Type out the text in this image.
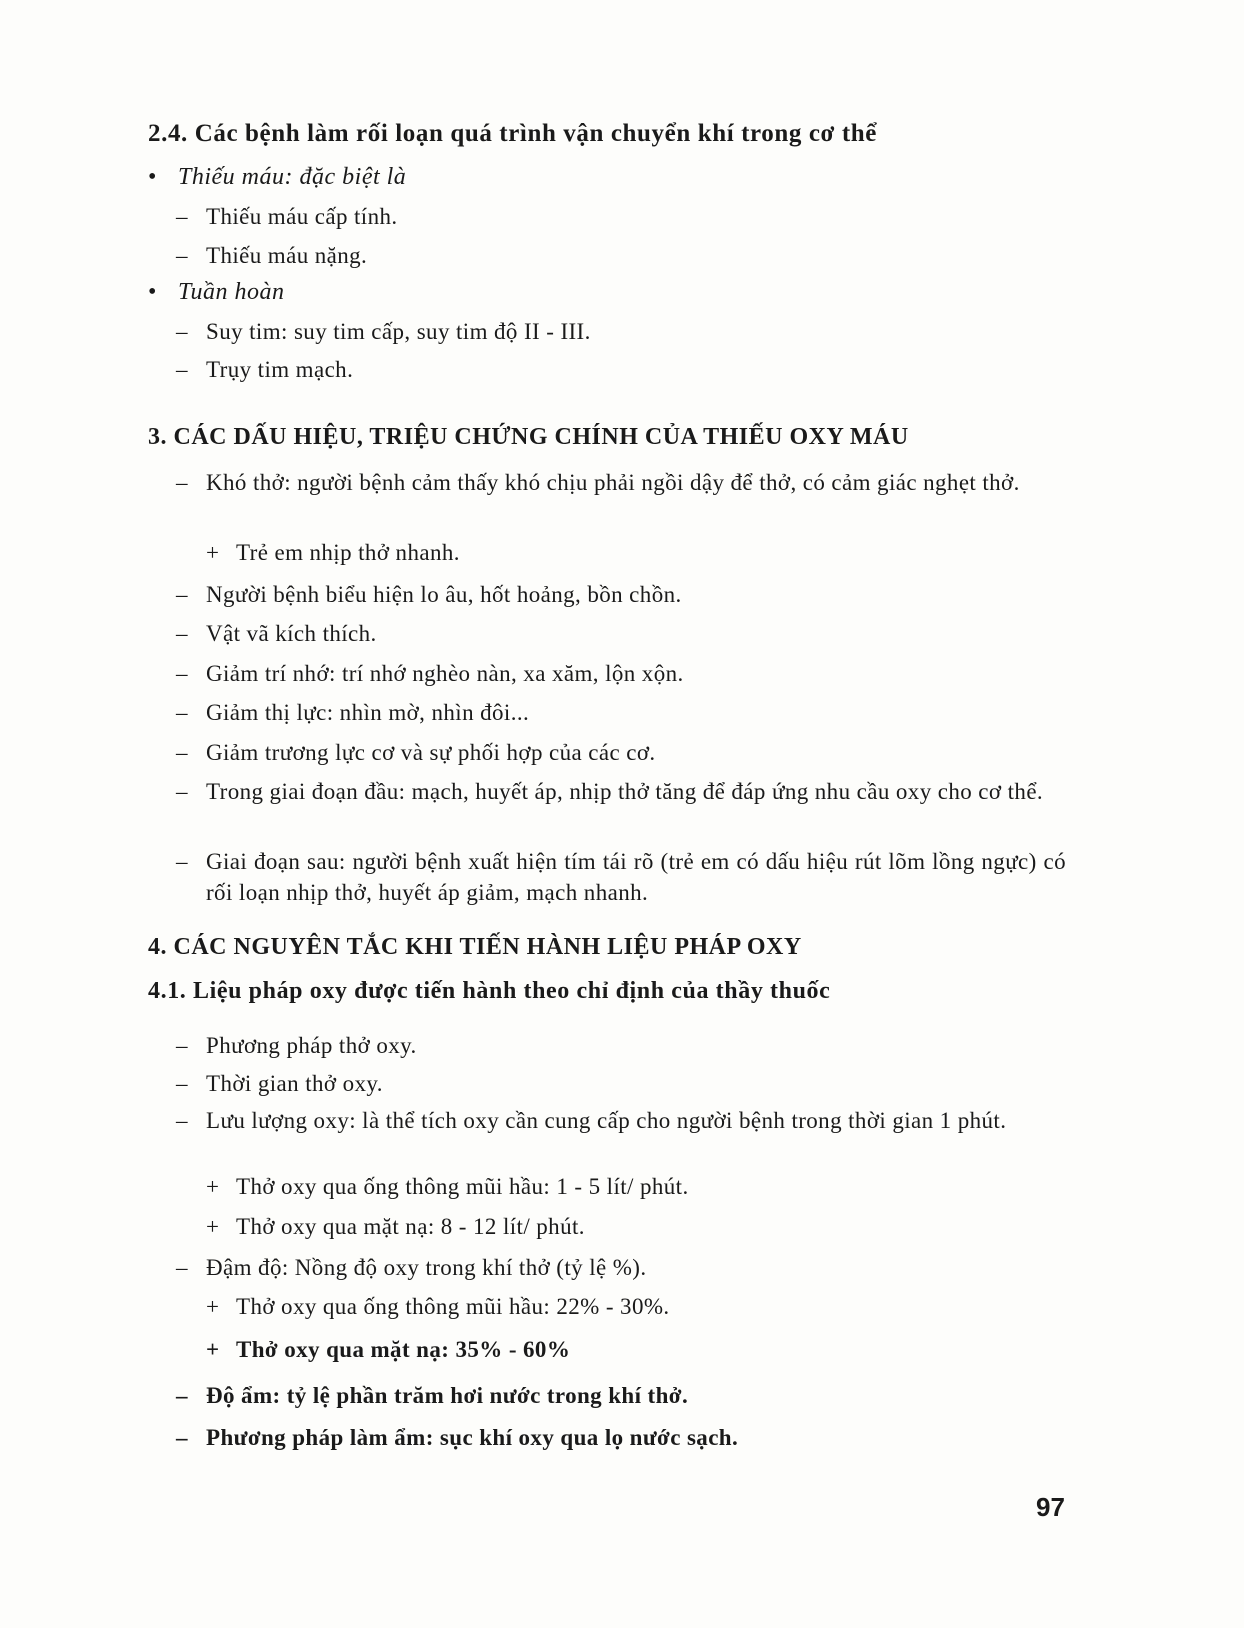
2.4. Các bệnh làm rối loạn quá trình vận chuyển khí trong cơ thể
• Thiếu máu: đặc biệt là
– Thiếu máu cấp tính.
– Thiếu máu nặng.
• Tuần hoàn
– Suy tim: suy tim cấp, suy tim độ II - III.
– Trụy tim mạch.
3. CÁC DẤU HIỆU, TRIỆU CHỨNG CHÍNH CỦA THIẾU OXY MÁU
– Khó thở: người bệnh cảm thấy khó chịu phải ngồi dậy để thở, có cảm giác nghẹt thở.
+ Trẻ em nhịp thở nhanh.
– Người bệnh biểu hiện lo âu, hốt hoảng, bồn chồn.
– Vật vã kích thích.
– Giảm trí nhớ: trí nhớ nghèo nàn, xa xăm, lộn xộn.
– Giảm thị lực: nhìn mờ, nhìn đôi...
– Giảm trương lực cơ và sự phối hợp của các cơ.
– Trong giai đoạn đầu: mạch, huyết áp, nhịp thở tăng để đáp ứng nhu cầu oxy cho cơ thể.
– Giai đoạn sau: người bệnh xuất hiện tím tái rõ (trẻ em có dấu hiệu rút lõm lồng ngực) có rối loạn nhịp thở, huyết áp giảm, mạch nhanh.
4. CÁC NGUYÊN TẮC KHI TIẾN HÀNH LIỆU PHÁP OXY
4.1. Liệu pháp oxy được tiến hành theo chỉ định của thầy thuốc
– Phương pháp thở oxy.
– Thời gian thở oxy.
– Lưu lượng oxy: là thể tích oxy cần cung cấp cho người bệnh trong thời gian 1 phút.
+ Thở oxy qua ống thông mũi hầu: 1 - 5 lít/ phút.
+ Thở oxy qua mặt nạ: 8 - 12 lít/ phút.
– Đậm độ: Nồng độ oxy trong khí thở (tỷ lệ %).
+ Thở oxy qua ống thông mũi hầu: 22% - 30%.
+ Thở oxy qua mặt nạ: 35% - 60%
– Độ ẩm: tỷ lệ phần trăm hơi nước trong khí thở.
– Phương pháp làm ẩm: sục khí oxy qua lọ nước sạch.
97
